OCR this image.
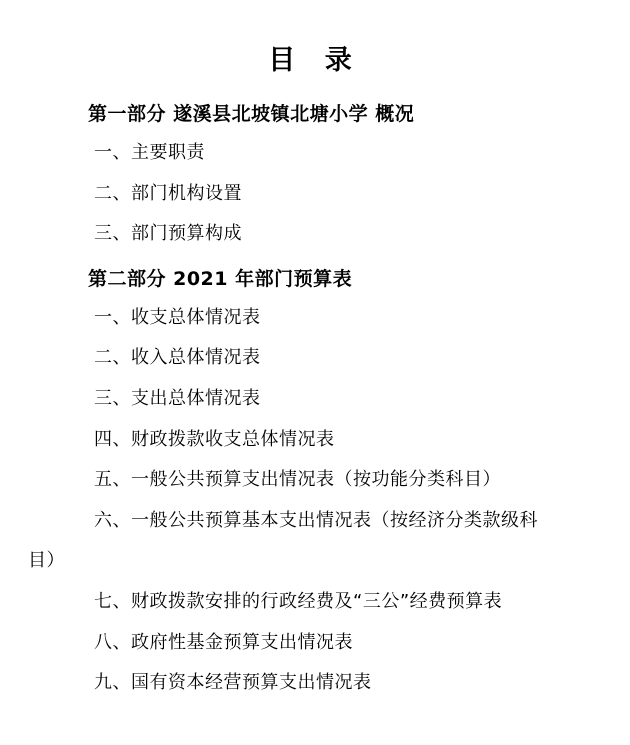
目 录
第一部分 遂溪县北坡镇北塘小学 概况
一、主要职责
二、部门机构设置
三、部门预算构成
第二部分 2021 年部门预算表
一、收支总体情况表
二、收入总体情况表
三、支出总体情况表
四、财政拨款收支总体情况表
五、一般公共预算支出情况表（按功能分类科目）
六、一般公共预算基本支出情况表（按经济分类款级科
目）
七、财政拨款安排的行政经费及“三公”经费预算表
八、政府性基金预算支出情况表
九、国有资本经营预算支出情况表
